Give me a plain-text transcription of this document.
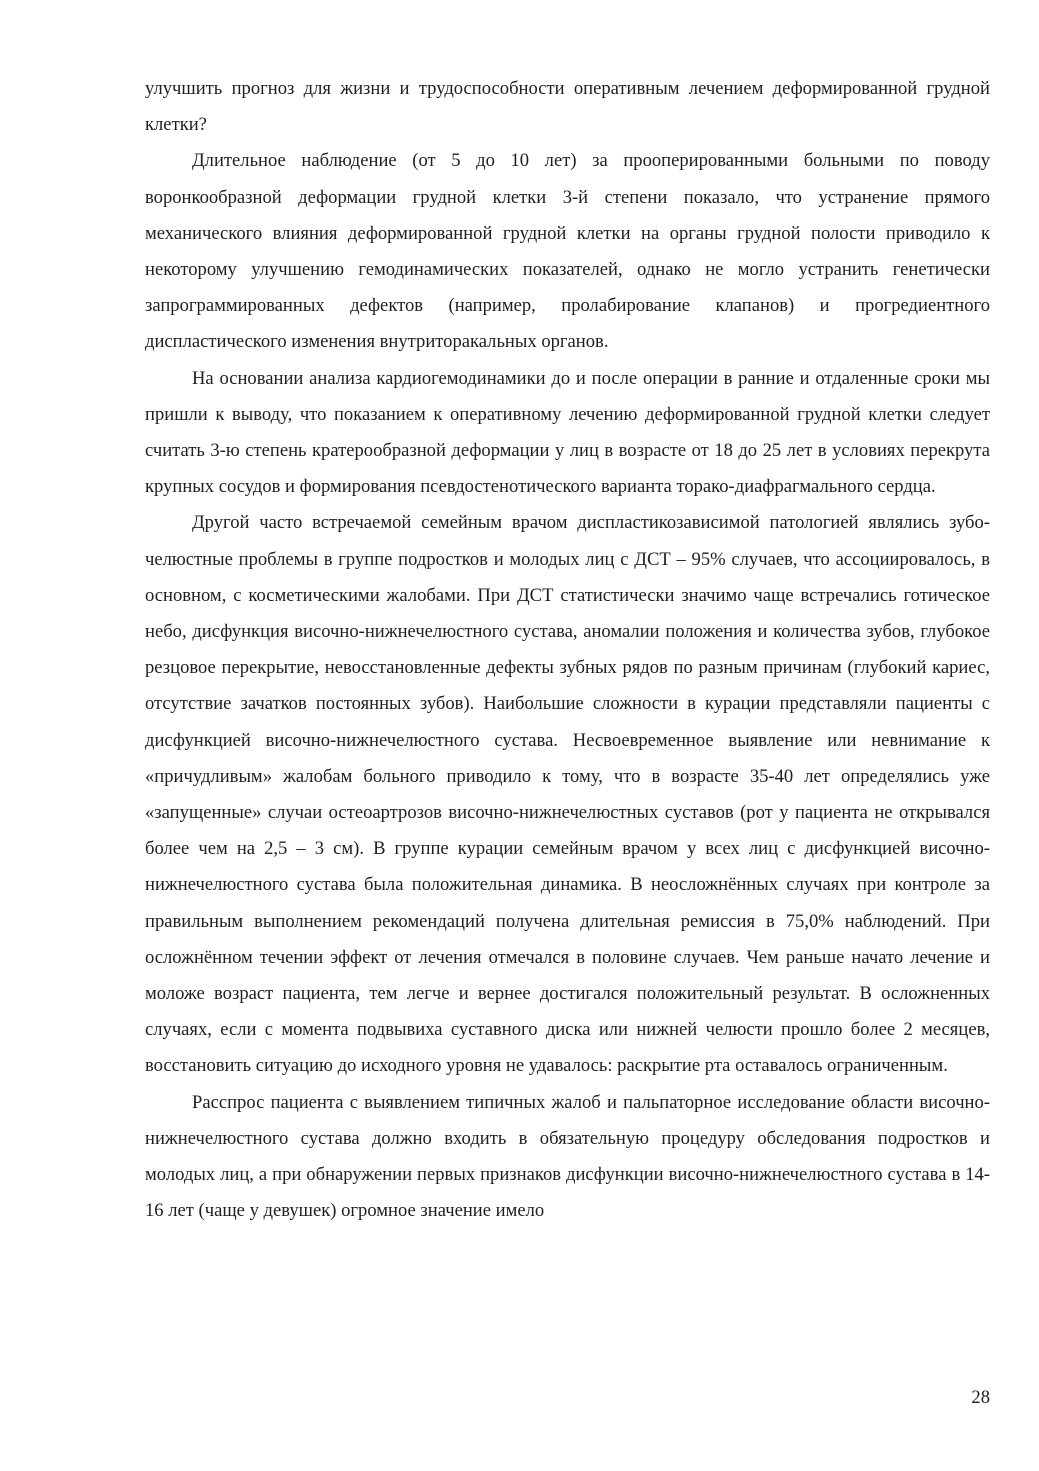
улучшить прогноз для жизни и трудоспособности оперативным лечением деформированной грудной клетки?

Длительное наблюдение (от 5 до 10 лет) за прооперированными больными по поводу воронкообразной деформации грудной клетки 3-й степени показало, что устранение прямого механического влияния деформированной грудной клетки на органы грудной полости приводило к некоторому улучшению гемодинамических показателей, однако не могло устранить генетически запрограммированных дефектов (например, пролабирование клапанов) и прогредиентного диспластического изменения внутриторакальных органов.

На основании анализа кардиогемодинамики до и после операции в ранние и отдаленные сроки мы пришли к выводу, что показанием к оперативному лечению деформированной грудной клетки следует считать 3-ю степень кратерообразной деформации у лиц в возрасте от 18 до 25 лет в условиях перекрута крупных сосудов и формирования псевдостенотического варианта торако-диафрагмального сердца.

Другой часто встречаемой семейным врачом диспластикозависимой патологией являлись зубо-челюстные проблемы в группе подростков и молодых лиц с ДСТ – 95% случаев, что ассоциировалось, в основном, с косметическими жалобами. При ДСТ статистически значимо чаще встречались готическое небо, дисфункция височно-нижнечелюстного сустава, аномалии положения и количества зубов, глубокое резцовое перекрытие, невосстановленные дефекты зубных рядов по разным причинам (глубокий кариес, отсутствие зачатков постоянных зубов). Наибольшие сложности в курации представляли пациенты с дисфункцией височно-нижнечелюстного сустава. Несвоевременное выявление или невнимание к «причудливым» жалобам больного приводило к тому, что в возрасте 35-40 лет определялись уже «запущенные» случаи остеоартрозов височно-нижнечелюстных суставов (рот у пациента не открывался более чем на 2,5 – 3 см). В группе курации семейным врачом у всех лиц с дисфункцией височно-нижнечелюстного сустава была положительная динамика. В неосложнённых случаях при контроле за правильным выполнением рекомендаций получена длительная ремиссия в 75,0% наблюдений. При осложнённом течении эффект от лечения отмечался в половине случаев. Чем раньше начато лечение и моложе возраст пациента, тем легче и вернее достигался положительный результат. В осложненных случаях, если с момента подвывиха суставного диска или нижней челюсти прошло более 2 месяцев, восстановить ситуацию до исходного уровня не удавалось: раскрытие рта оставалось ограниченным.

Расспрос пациента с выявлением типичных жалоб и пальпаторное исследование области височно-нижнечелюстного сустава должно входить в обязательную процедуру обследования подростков и молодых лиц, а при обнаружении первых признаков дисфункции височно-нижнечелюстного сустава в 14-16 лет (чаще у девушек) огромное значение имело

28
